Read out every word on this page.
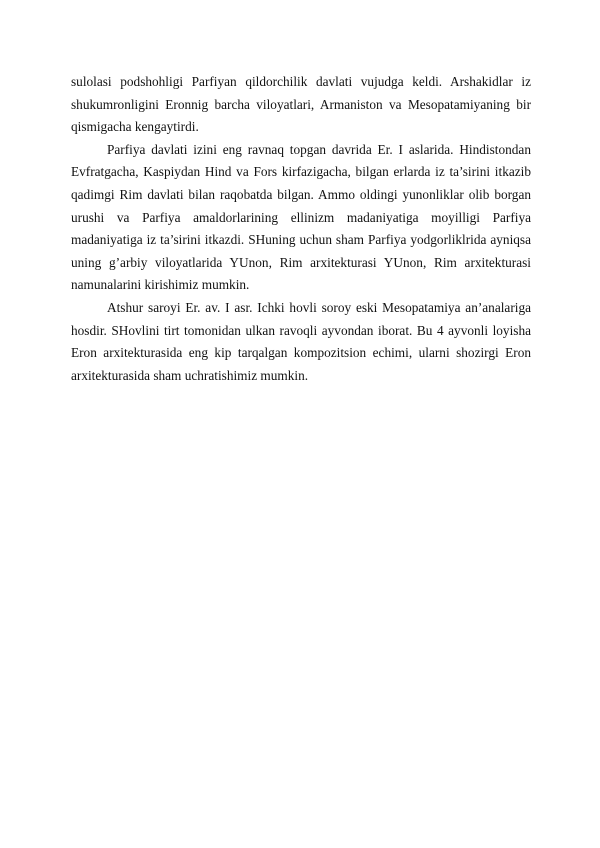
sulolasi podshohligi Parfiyan qildorchilik davlati vujudga keldi. Arshakidlar iz shukumronligini Eronnig barcha viloyatlari, Armaniston va Mesopatamiyaning bir qismigacha kengaytirdi.

Parfiya davlati izini eng ravnaq topgan davrida Er. I aslarida. Hindistondan Evfratgacha, Kaspiydan Hind va Fors kirfazigacha, bilgan erlarda iz ta’sirini itkazib qadimgi Rim davlati bilan raqobatda bilgan. Ammo oldingi yunonliklar olib borgan urushi va Parfiya amaldorlarining ellinizm madaniyatiga moyilligi Parfiya madaniyatiga iz ta’sirini itkazdi. SHuning uchun sham Parfiya yodgorliklrida ayniqsa uning g’arbiy viloyatlarida YUnon, Rim arxitekturasi YUnon, Rim arxitekturasi namunalarini kirishimiz mumkin.

Atshur saroyi Er. av. I asr. Ichki hovli soroy eski Mesopatamiya an’analariga hosdir. SHovlini tirt tomonidan ulkan ravoqli ayvondan iborat. Bu 4 ayvonli loyisha Eron arxitekturasida eng kip tarqalgan kompozitsion echimi, ularni shozirgi Eron arxitekturasida sham uchratishimiz mumkin.
